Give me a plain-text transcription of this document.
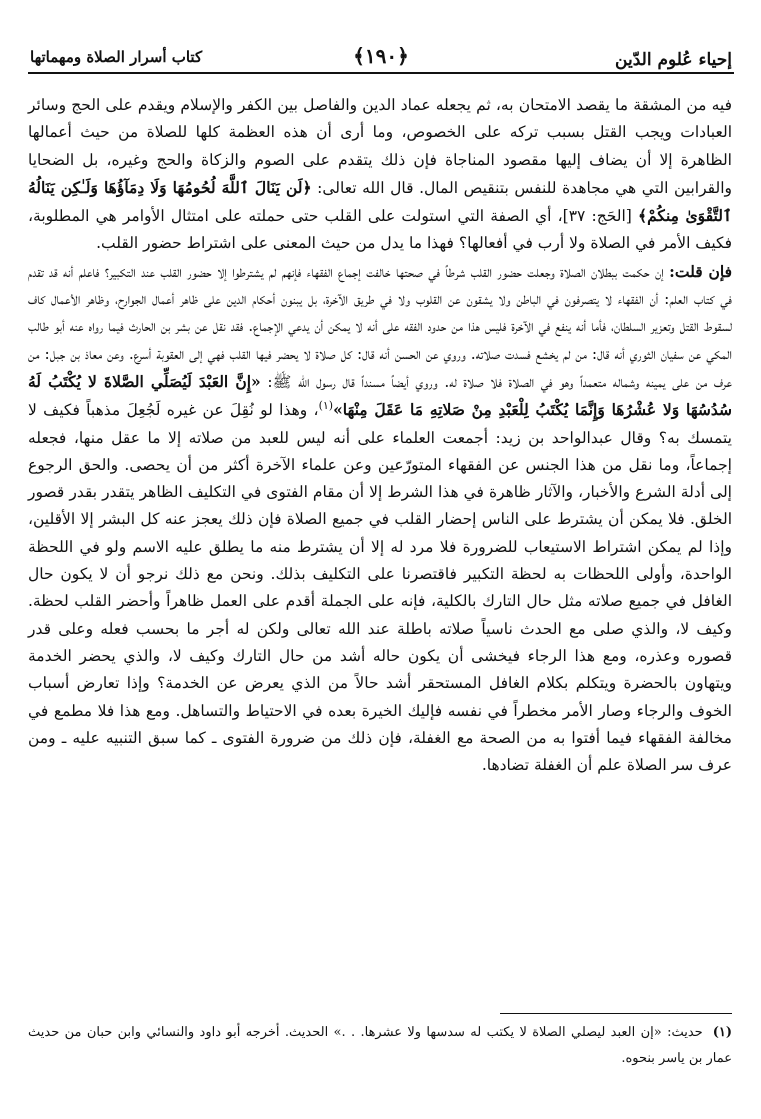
إحياء عُلوم الدّين
﴿١٩٠﴾
كتاب أسرار الصلاة ومهماتها

فيه من المشقة ما يقصد الامتحان به، ثم يجعله عماد الدين والفاصل بين الكفر والإسلام ويقدم على الحج وسائر العبادات ويجب القتل بسبب تركه على الخصوص، وما أرى أن هذه العظمة كلها للصلاة من حيث أعمالها الظاهرة إلا أن يضاف إليها مقصود المناجاة فإن ذلك يتقدم على الصوم والزكاة والحج وغيره، بل الضحايا والقرابين التي هي مجاهدة للنفس بتنقيص المال. قال الله تعالى: ﴿لَن يَنَالَ ٱللَّهَ لُحُومُهَا وَلَا دِمَآؤُهَا وَلَـٰكِن يَنَالُهُ ٱلتَّقْوَىٰ مِنكُمْ﴾ [الحَج: ٣٧]، أي الصفة التي استولت على القلب حتى حملته على امتثال الأوامر هي المطلوبة، فكيف الأمر في الصلاة ولا أرب في أفعالها؟ فهذا ما يدل من حيث المعنى على اشتراط حضور القلب.

فإن قلت: إن حكمت ببطلان الصلاة وجعلت حضور القلب شرطاً في صحتها خالفت إجماع الفقهاء فإنهم لم يشترطوا إلا حضور القلب عند التكبير؟ فاعلم أنه قد تقدم في كتاب العلم: أن الفقهاء لا يتصرفون في الباطن ولا يشقون عن القلوب ولا في طريق الآخرة، بل يبنون أحكام الدين على ظاهر أعمال الجوارح، وظاهر الأعمال كاف لسقوط القتل وتعزير السلطان، فأما أنه ينفع في الآخرة فليس هذا من حدود الفقه على أنه لا يمكن أن يدعي الإجماع. فقد نقل عن بشر بن الحارث فيما رواه عنه أبو طالب المكي عن سفيان الثوري أنه قال: من لم يخشع فسدت صلاته. وروي عن الحسن أنه قال: كل صلاة لا يحضر فيها القلب فهي إلى العقوبة أسرع. وعن معاذ بن جبل: من عرف من على يمينه وشماله متعمداً وهو في الصلاة فلا صلاة له. وروي أيضاً مسنداً قال رسول الله ﷺ: «إِنَّ العَبْدَ لَيُصَلِّي الصَّلاةَ لا يُكْتَبُ لَهُ سُدُسُهَا وَلا عُشْرُهَا وَإِنَّمَا يُكْتَبُ لِلْعَبْدِ مِنْ صَلاتِهِ مَا عَقَلَ مِنْهَا»$^{(١)}$، وهذا لو نُقِلَ عن غيره لَجُعِلَ مذهباً فكيف لا يتمسك به؟ وقال عبدالواحد بن زيد: أجمعت العلماء على أنه ليس للعبد من صلاته إلا ما عقل منها، فجعله إجماعاً، وما نقل من هذا الجنس عن الفقهاء المتورّعين وعن علماء الآخرة أكثر من أن يحصى. والحق الرجوع إلى أدلة الشرع والأخبار، والآثار ظاهرة في هذا الشرط إلا أن مقام الفتوى في التكليف الظاهر يتقدر بقدر قصور الخلق. فلا يمكن أن يشترط على الناس إحضار القلب في جميع الصلاة فإن ذلك يعجز عنه كل البشر إلا الأقلين، وإذا لم يمكن اشتراط الاستيعاب للضرورة فلا مرد له إلا أن يشترط منه ما يطلق عليه الاسم ولو في اللحظة الواحدة، وأولى اللحظات به لحظة التكبير فاقتصرنا على التكليف بذلك. ونحن مع ذلك نرجو أن لا يكون حال الغافل في جميع صلاته مثل حال التارك بالكلية، فإنه على الجملة أقدم على العمل ظاهراً وأحضر القلب لحظة. وكيف لا، والذي صلى مع الحدث ناسياً صلاته باطلة عند الله تعالى ولكن له أجر ما بحسب فعله وعلى قدر قصوره وعذره، ومع هذا الرجاء فيخشى أن يكون حاله أشد من حال التارك وكيف لا، والذي يحضر الخدمة ويتهاون بالحضرة ويتكلم بكلام الغافل المستحقر أشد حالاً من الذي يعرض عن الخدمة؟ وإذا تعارض أسباب الخوف والرجاء وصار الأمر مخطراً في نفسه فإليك الخيرة بعده في الاحتياط والتساهل. ومع هذا فلا مطمع في مخالفة الفقهاء فيما أفتوا به من الصحة مع الغفلة، فإن ذلك من ضرورة الفتوى ـ كما سبق التنبيه عليه ـ ومن عرف سر الصلاة علم أن الغفلة تضادها.

(١)حديث: «إن العبد ليصلي الصلاة لا يكتب له سدسها ولا عشرها. . .» الحديث. أخرجه أبو داود والنسائي وابن حبان من حديث عمار بن ياسر بنحوه.
